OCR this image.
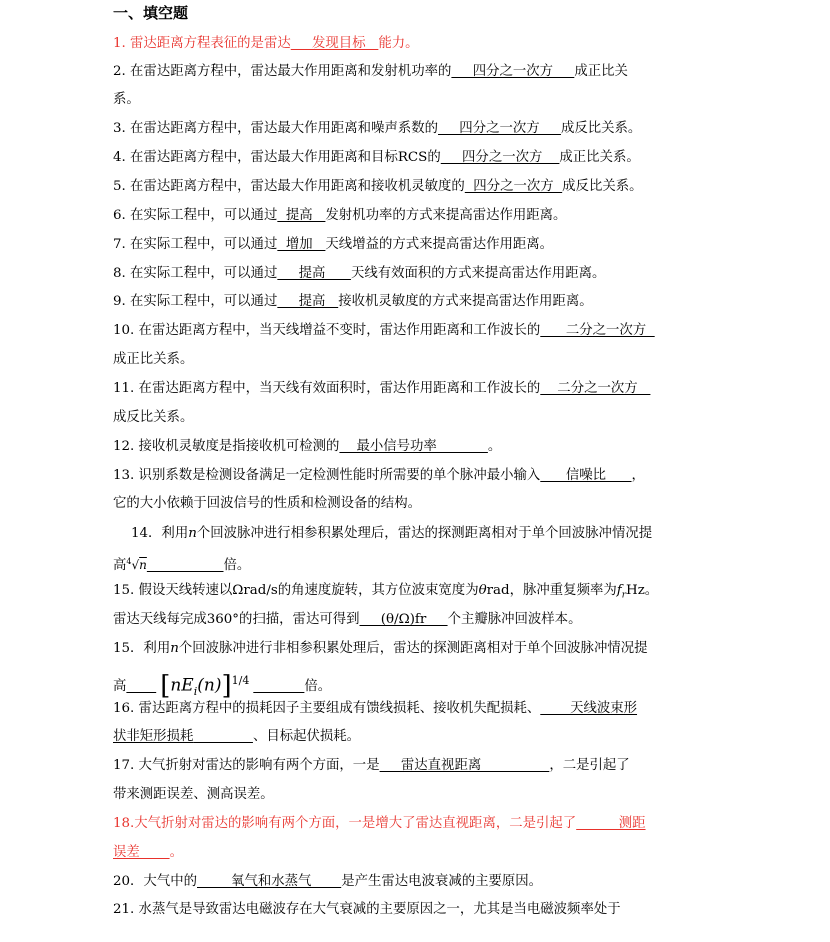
一、填空题
1. 雷达距离方程表征的是雷达     发现目标   能力。
2. 在雷达距离方程中，雷达最大作用距离和发射机功率的     四分之一次方     成正比关
系。
3. 在雷达距离方程中，雷达最大作用距离和噪声系数的     四分之一次方     成反比关系。
4. 在雷达距离方程中，雷达最大作用距离和目标RCS的     四分之一次方    成正比关系。
5. 在雷达距离方程中，雷达最大作用距离和接收机灵敏度的  四分之一次方  成反比关系。
6. 在实际工程中，可以通过  提高   发射机功率的方式来提高雷达作用距离。
7. 在实际工程中，可以通过  增加   天线增益的方式来提高雷达作用距离。
8. 在实际工程中，可以通过     提高      天线有效面积的方式来提高雷达作用距离。
9. 在实际工程中，可以通过     提高   接收机灵敏度的方式来提高雷达作用距离。
10. 在雷达距离方程中，当天线增益不变时，雷达作用距离和工作波长的      二分之一次方
成正比关系。
11. 在雷达距离方程中，当天线有效面积时，雷达作用距离和工作波长的    二分之一次方
成反比关系。
12. 接收机灵敏度是指接收机可检测的    最小信号功率            。
13. 识别系数是检测设备满足一定检测性能时所需要的单个脉冲最小输入      信噪比      ，
它的大小依赖于回波信号的性质和检测设备的结构。
14．利用n个回波脉冲进行相参积累处理后，雷达的探测距离相对于单个回波脉冲情况提
高$^4$√n	倍。
15. 假设天线转速以Ωrad/s的角速度旋转，其方位波束宽度为θrad，脉冲重复频率为$f_rHz$。
雷达天线每完成360°的扫描，雷达可得到     (θ/Ω)fr     个主瓣脉冲回波样本。
15．利用n个回波脉冲进行非相参积累处理后，雷达的探测距离相对于单个回波脉冲情况提
高 $[nE_i(n)]^{1/4}$	倍。
16. 雷达距离方程中的损耗因子主要组成有馈线损耗、接收机失配损耗、       天线波束形
状非矩形损耗	、目标起伏损耗。
17. 大气折射对雷达的影响有两个方面，一是     雷达直视距离                ，二是引起了
带来测距误差、测高误差。
18.大气折射对雷达的影响有两个方面，一是增大了雷达直视距离，二是引起了          测距
误差       。
20．大气中的        氧气和水蒸气       是产生雷达电波衰减的主要原因。
21. 水蒸气是导致雷达电磁波存在大气衰减的主要原因之一，尤其是当电磁波频率处于
